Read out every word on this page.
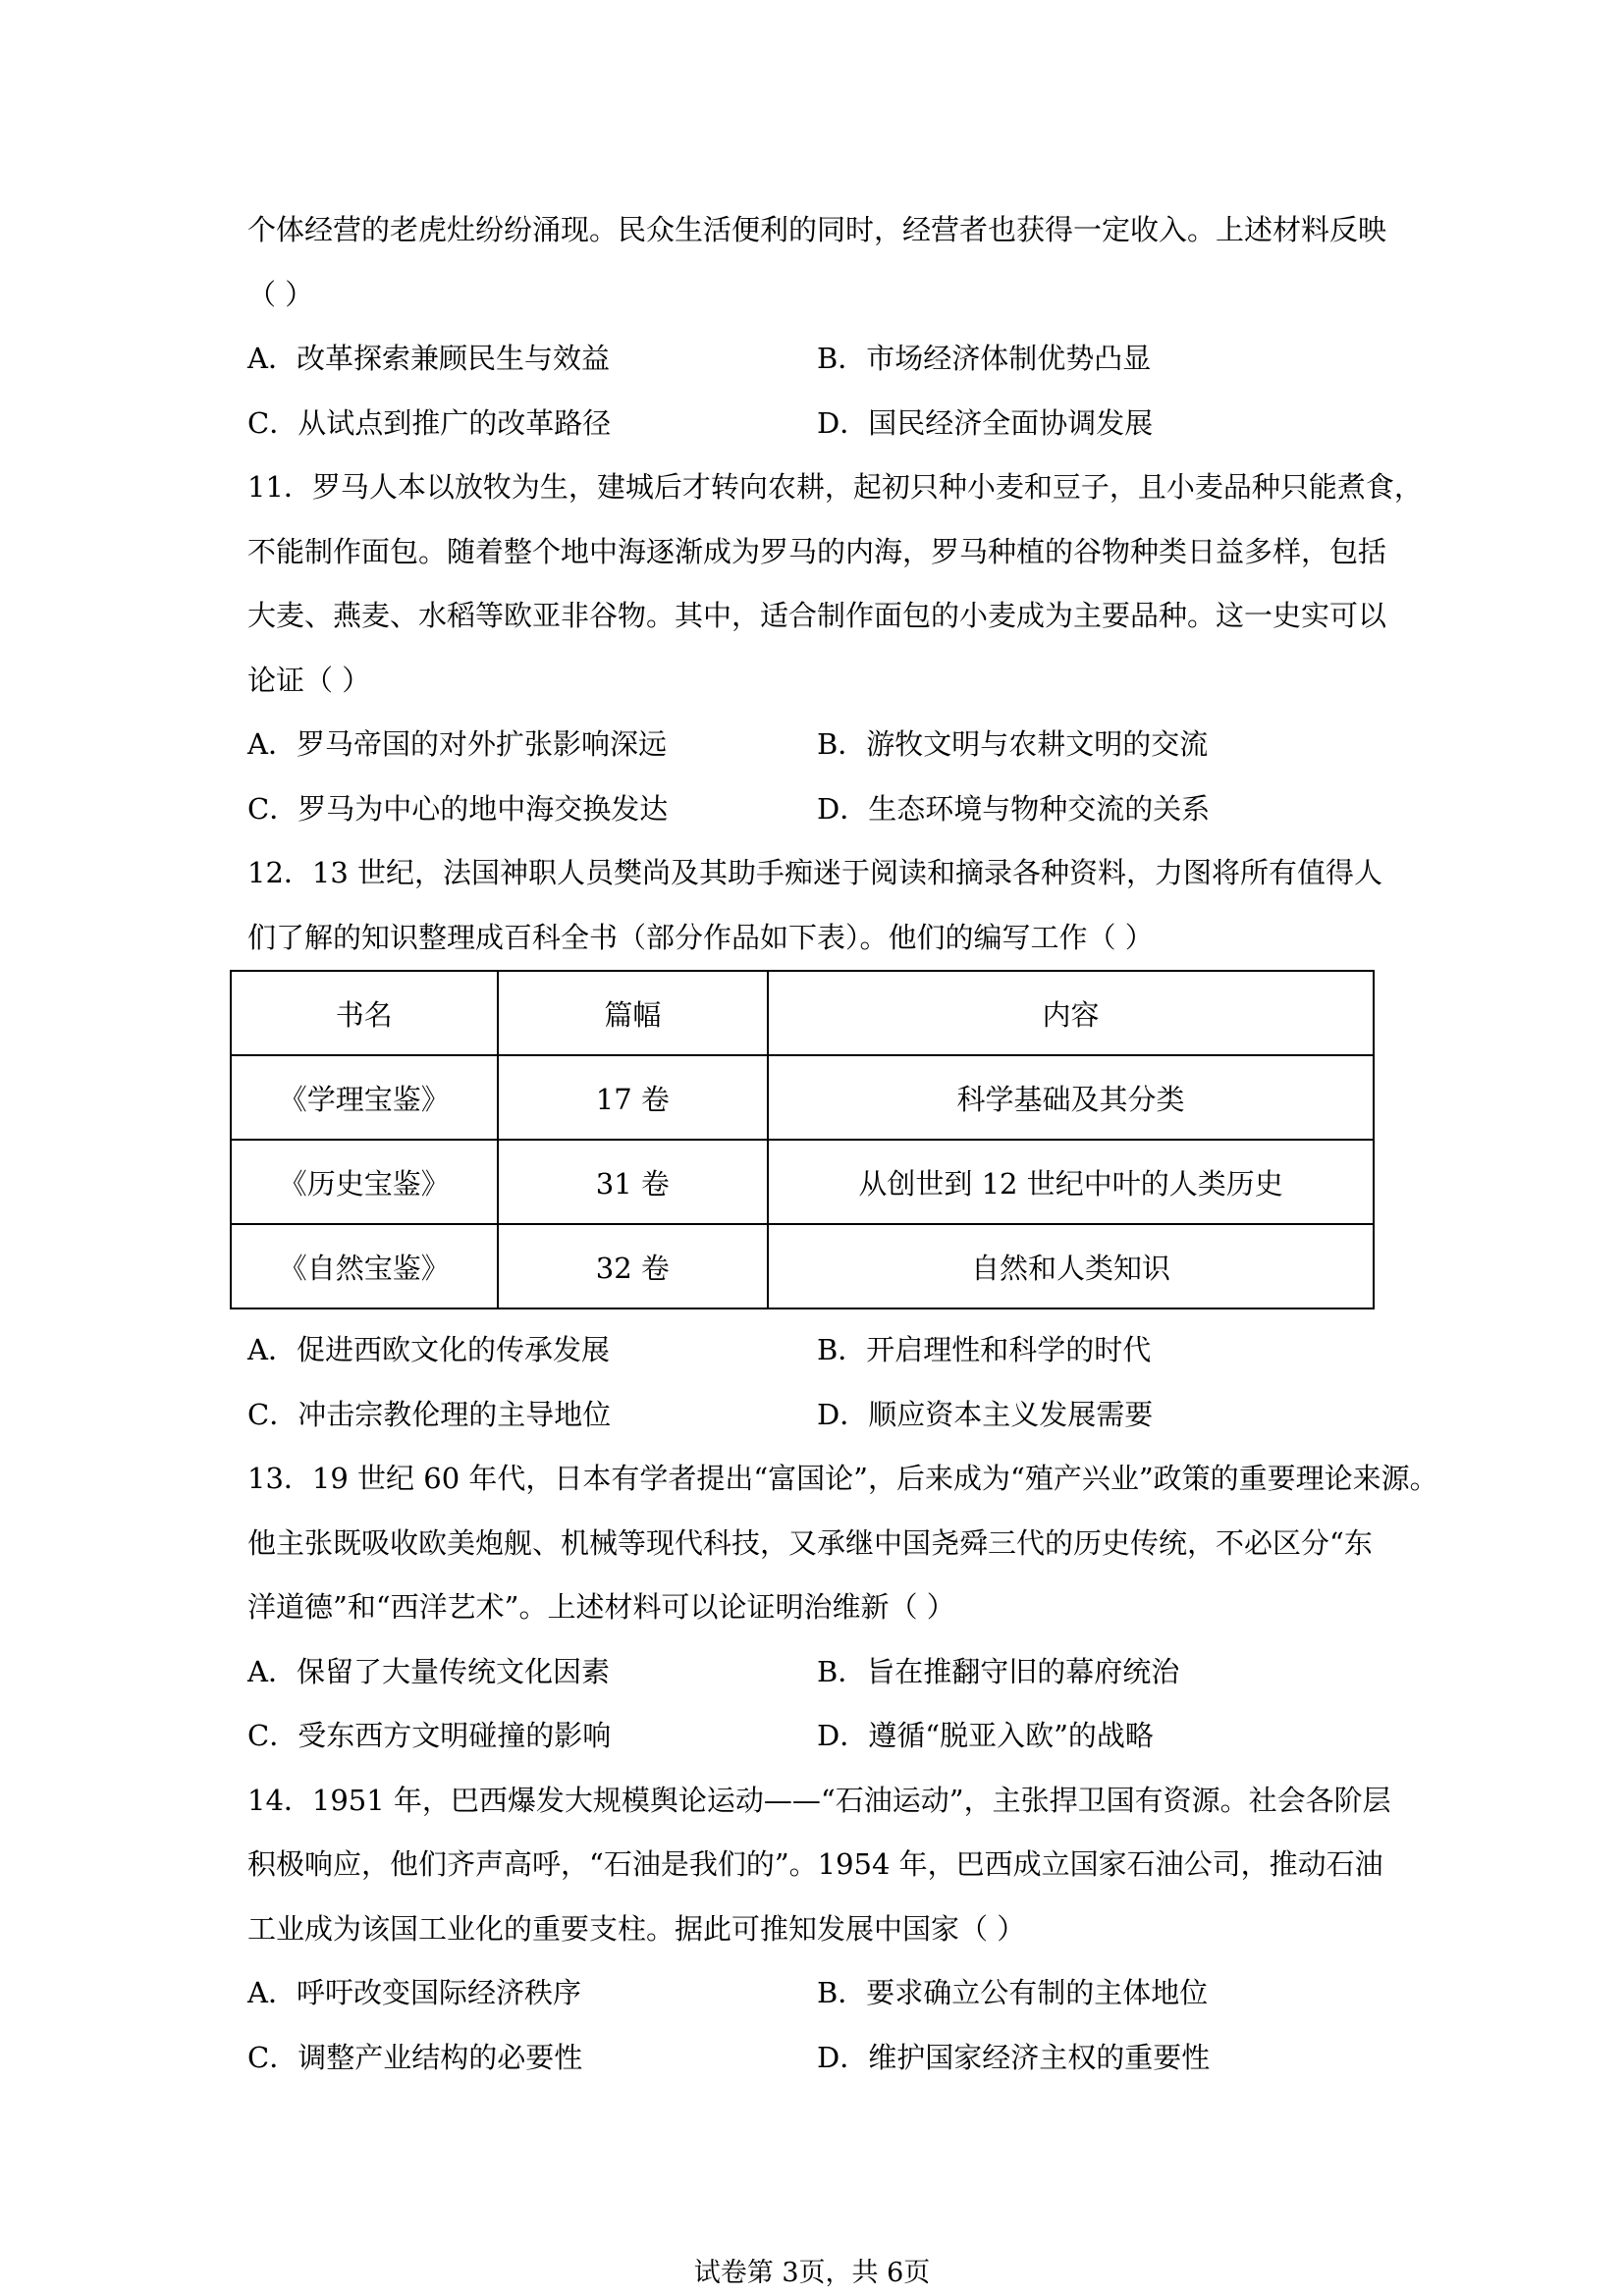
个体经营的老虎灶纷纷涌现。民众生活便利的同时，经营者也获得一定收入。上述材料反映
（ ）
A．改革探索兼顾民生与效益	B．市场经济体制优势凸显
C．从试点到推广的改革路径	D．国民经济全面协调发展
11．罗马人本以放牧为生，建城后才转向农耕，起初只种小麦和豆子，且小麦品种只能煮食，
不能制作面包。随着整个地中海逐渐成为罗马的内海，罗马种植的谷物种类日益多样，包括
大麦、燕麦、水稻等欧亚非谷物。其中，适合制作面包的小麦成为主要品种。这一史实可以
论证（ ）
A．罗马帝国的对外扩张影响深远	B．游牧文明与农耕文明的交流
C．罗马为中心的地中海交换发达	D．生态环境与物种交流的关系
12．13 世纪，法国神职人员樊尚及其助手痴迷于阅读和摘录各种资料，力图将所有值得人
们了解的知识整理成百科全书（部分作品如下表）。他们的编写工作（ ）
书名	篇幅	内容
《学理宝鉴》	17 卷	科学基础及其分类
《历史宝鉴》	31 卷	从创世到 12 世纪中叶的人类历史
《自然宝鉴》	32 卷	自然和人类知识
A．促进西欧文化的传承发展	B．开启理性和科学的时代
C．冲击宗教伦理的主导地位	D．顺应资本主义发展需要
13．19 世纪 60 年代，日本有学者提出“富国论”，后来成为“殖产兴业”政策的重要理论来源。
他主张既吸收欧美炮舰、机械等现代科技，又承继中国尧舜三代的历史传统，不必区分“东
洋道德”和“西洋艺术”。上述材料可以论证明治维新（ ）
A．保留了大量传统文化因素	B．旨在推翻守旧的幕府统治
C．受东西方文明碰撞的影响	D．遵循“脱亚入欧”的战略
14．1951 年，巴西爆发大规模舆论运动——“石油运动”，主张捍卫国有资源。社会各阶层
积极响应，他们齐声高呼，“石油是我们的”。1954 年，巴西成立国家石油公司，推动石油
工业成为该国工业化的重要支柱。据此可推知发展中国家（ ）
A．呼吁改变国际经济秩序	B．要求确立公有制的主体地位
C．调整产业结构的必要性	D．维护国家经济主权的重要性
试卷第 3页，共 6页
